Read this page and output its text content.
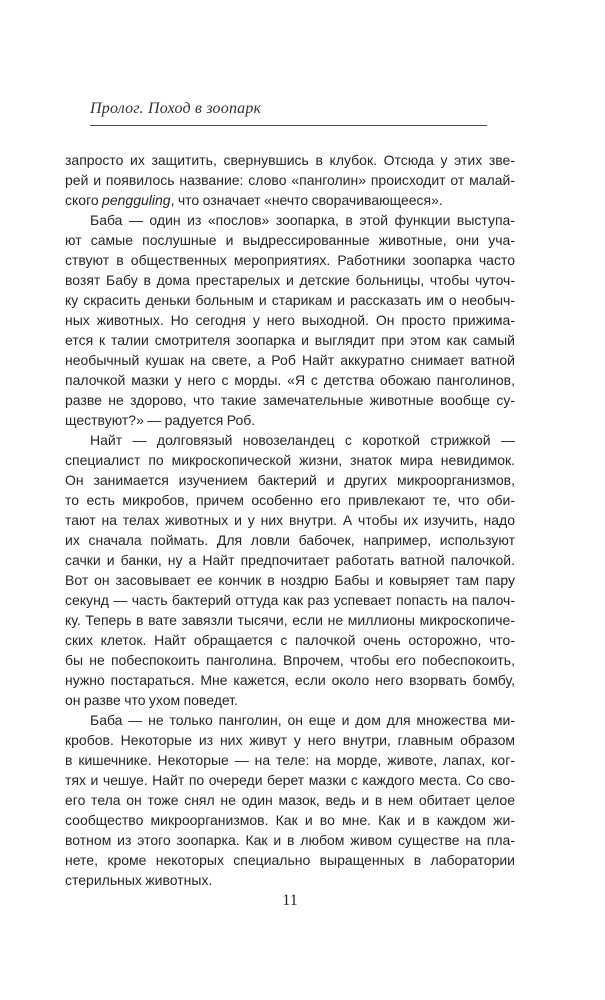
Пролог. Поход в зоопарк
запросто их защитить, свернувшись в клубок. Отсюда у этих зве-
рей и появилось название: слово «панголин» происходит от малай-
ского pengguling, что означает «нечто сворачивающееся».
Баба — один из «послов» зоопарка, в этой функции выступа-
ют самые послушные и выдрессированные животные, они уча-
ствуют в общественных мероприятиях. Работники зоопарка часто
возят Бабу в дома престарелых и детские больницы, чтобы чуточ-
ку скрасить деньки больным и старикам и рассказать им о необыч-
ных животных. Но сегодня у него выходной. Он просто прижима-
ется к талии смотрителя зоопарка и выглядит при этом как самый
необычный кушак на свете, а Роб Найт аккуратно снимает ватной
палочкой мазки у него с морды. «Я с детства обожаю панголинов,
разве не здорово, что такие замечательные животные вообще су-
ществуют?» — радуется Роб.
Найт — долговязый новозеландец с короткой стрижкой —
специалист по микроскопической жизни, знаток мира невидимок.
Он занимается изучением бактерий и других микроорганизмов,
то есть микробов, причем особенно его привлекают те, что оби-
тают на телах животных и у них внутри. А чтобы их изучить, надо
их сначала поймать. Для ловли бабочек, например, используют
сачки и банки, ну а Найт предпочитает работать ватной палочкой.
Вот он засовывает ее кончик в ноздрю Бабы и ковыряет там пару
секунд — часть бактерий оттуда как раз успевает попасть на палоч-
ку. Теперь в вате завязли тысячи, если не миллионы микроскопиче-
ских клеток. Найт обращается с палочкой очень осторожно, что-
бы не побеспокоить панголина. Впрочем, чтобы его побеспокоить,
нужно постараться. Мне кажется, если около него взорвать бомбу,
он разве что ухом поведет.
Баба — не только панголин, он еще и дом для множества ми-
кробов. Некоторые из них живут у него внутри, главным образом
в кишечнике. Некоторые — на теле: на морде, животе, лапах, ког-
тях и чешуе. Найт по очереди берет мазки с каждого места. Со сво-
его тела он тоже снял не один мазок, ведь и в нем обитает целое
сообщество микроорганизмов. Как и во мне. Как и в каждом жи-
вотном из этого зоопарка. Как и в любом живом существе на пла-
нете, кроме некоторых специально выращенных в лаборатории
стерильных животных.
11
